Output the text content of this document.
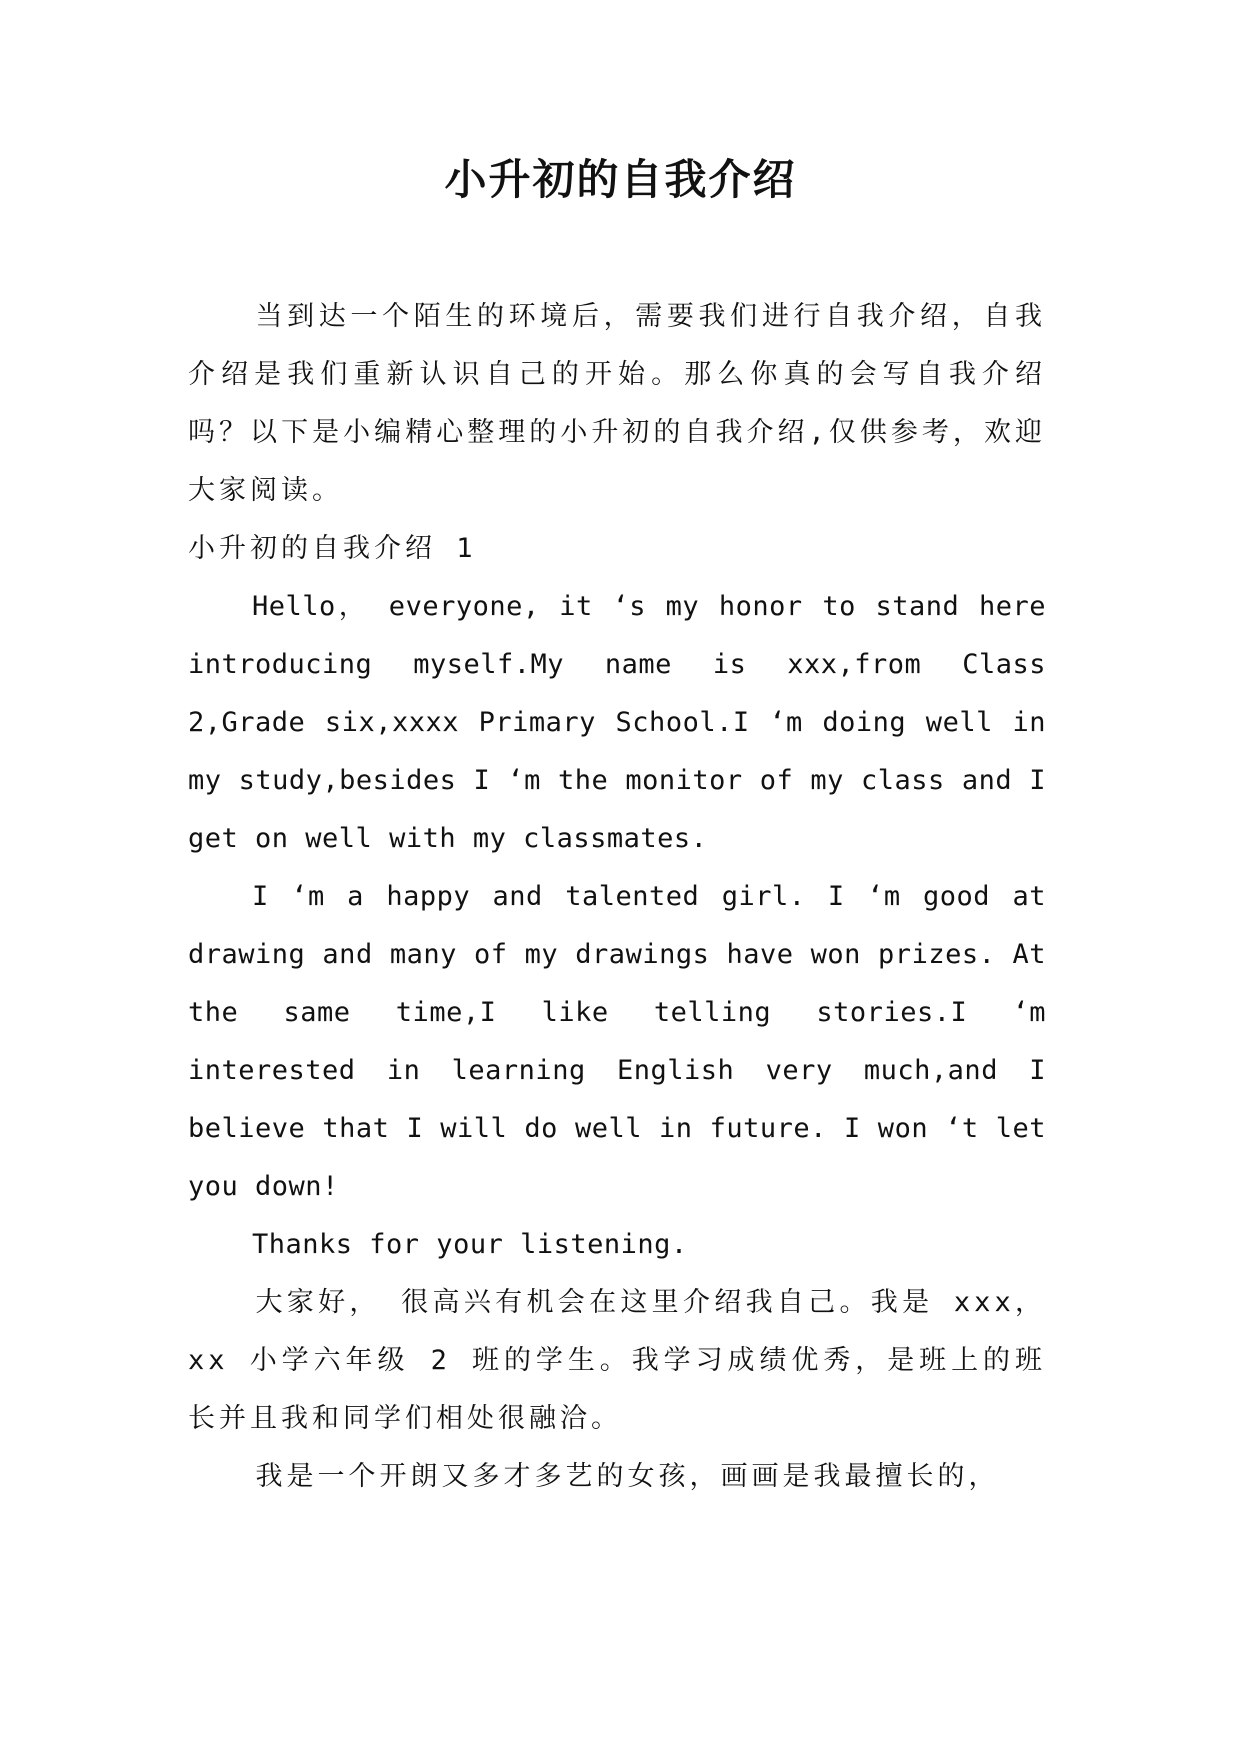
小升初的自我介绍

当到达一个陌生的环境后，需要我们进行自我介绍，自我介绍是我们重新认识自己的开始。那么你真的会写自我介绍吗？以下是小编精心整理的小升初的自我介绍,仅供参考，欢迎大家阅读。

小升初的自我介绍 1

Hello， everyone, it ‘s my honor to stand here introducing myself.My name is xxx,from Class 2,Grade six,xxxx Primary School.I ‘m doing well in my study,besides I ‘m the monitor of my class and I get on well with my classmates.

I ‘m a happy and talented girl. I ‘m good at drawing and many of my drawings have won prizes. At the same time,I like telling stories.I ‘m interested in learning English very much,and I believe that I will do well in future. I won ‘t let you down!

Thanks for your listening.

大家好， 很高兴有机会在这里介绍我自己。我是 xxx，xx 小学六年级 2 班的学生。我学习成绩优秀，是班上的班长并且我和同学们相处很融洽。

我是一个开朗又多才多艺的女孩，画画是我最擅长的，
